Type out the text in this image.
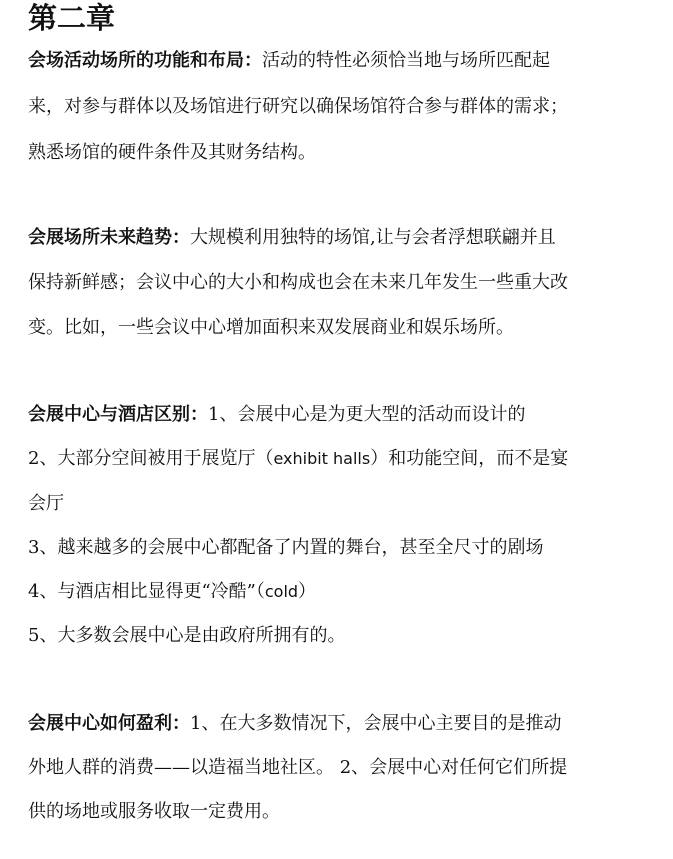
第二章
会场活动场所的功能和布局：活动的特性必须恰当地与场所匹配起
来，对参与群体以及场馆进行研究以确保场馆符合参与群体的需求；
熟悉场馆的硬件条件及其财务结构。
会展场所未来趋势：大规模利用独特的场馆,让与会者浮想联翩并且
保持新鲜感；会议中心的大小和构成也会在未来几年发生一些重大改
变。比如，一些会议中心增加面积来双发展商业和娱乐场所。
会展中心与酒店区别：1、会展中心是为更大型的活动而设计的
2、大部分空间被用于展览厅（exhibit halls）和功能空间，而不是宴
会厅
3、越来越多的会展中心都配备了内置的舞台，甚至全尺寸的剧场
4、与酒店相比显得更“冷酷”（cold）
5、大多数会展中心是由政府所拥有的。
会展中心如何盈利：1、在大多数情况下，会展中心主要目的是推动
外地人群的消费——以造福当地社区。 2、会展中心对任何它们所提
供的场地或服务收取一定费用。
